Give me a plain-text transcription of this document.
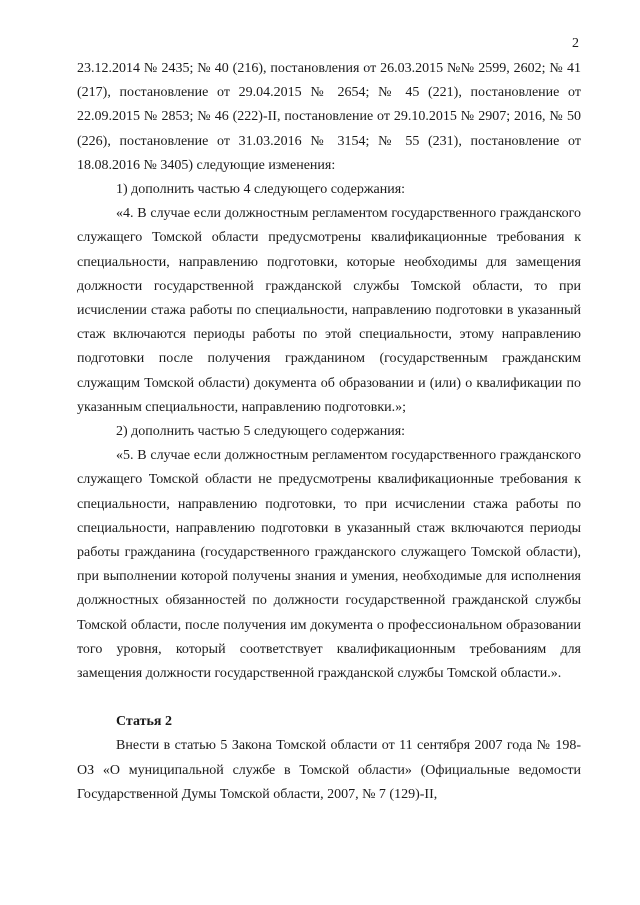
2

23.12.2014 № 2435; № 40 (216), постановления от 26.03.2015 №№ 2599, 2602; № 41 (217), постановление от 29.04.2015 № 2654; № 45 (221), постановление от 22.09.2015 № 2853; № 46 (222)-II, постановление от 29.10.2015 № 2907; 2016, № 50 (226), постановление от 31.03.2016 № 3154; № 55 (231), постановление от 18.08.2016 № 3405) следующие изменения:

1) дополнить частью 4 следующего содержания:

«4. В случае если должностным регламентом государственного гражданского служащего Томской области предусмотрены квалификационные требования к специальности, направлению подготовки, которые необходимы для замещения должности государственной гражданской службы Томской области, то при исчислении стажа работы по специальности, направлению подготовки в указанный стаж включаются периоды работы по этой специальности, этому направлению подготовки после получения гражданином (государственным гражданским служащим Томской области) документа об образовании и (или) о квалификации по указанным специальности, направлению подготовки.»;

2) дополнить частью 5 следующего содержания:

«5. В случае если должностным регламентом государственного гражданского служащего Томской области не предусмотрены квалификационные требования к специальности, направлению подготовки, то при исчислении стажа работы по специальности, направлению подготовки в указанный стаж включаются периоды работы гражданина (государственного гражданского служащего Томской области), при выполнении которой получены знания и умения, необходимые для исполнения должностных обязанностей по должности государственной гражданской службы Томской области, после получения им документа о профессиональном образовании того уровня, который соответствует квалификационным требованиям для замещения должности государственной гражданской службы Томской области.».

Статья 2

Внести в статью 5 Закона Томской области от 11 сентября 2007 года № 198-ОЗ «О муниципальной службе в Томской области» (Официальные ведомости Государственной Думы Томской области, 2007, № 7 (129)-II,
